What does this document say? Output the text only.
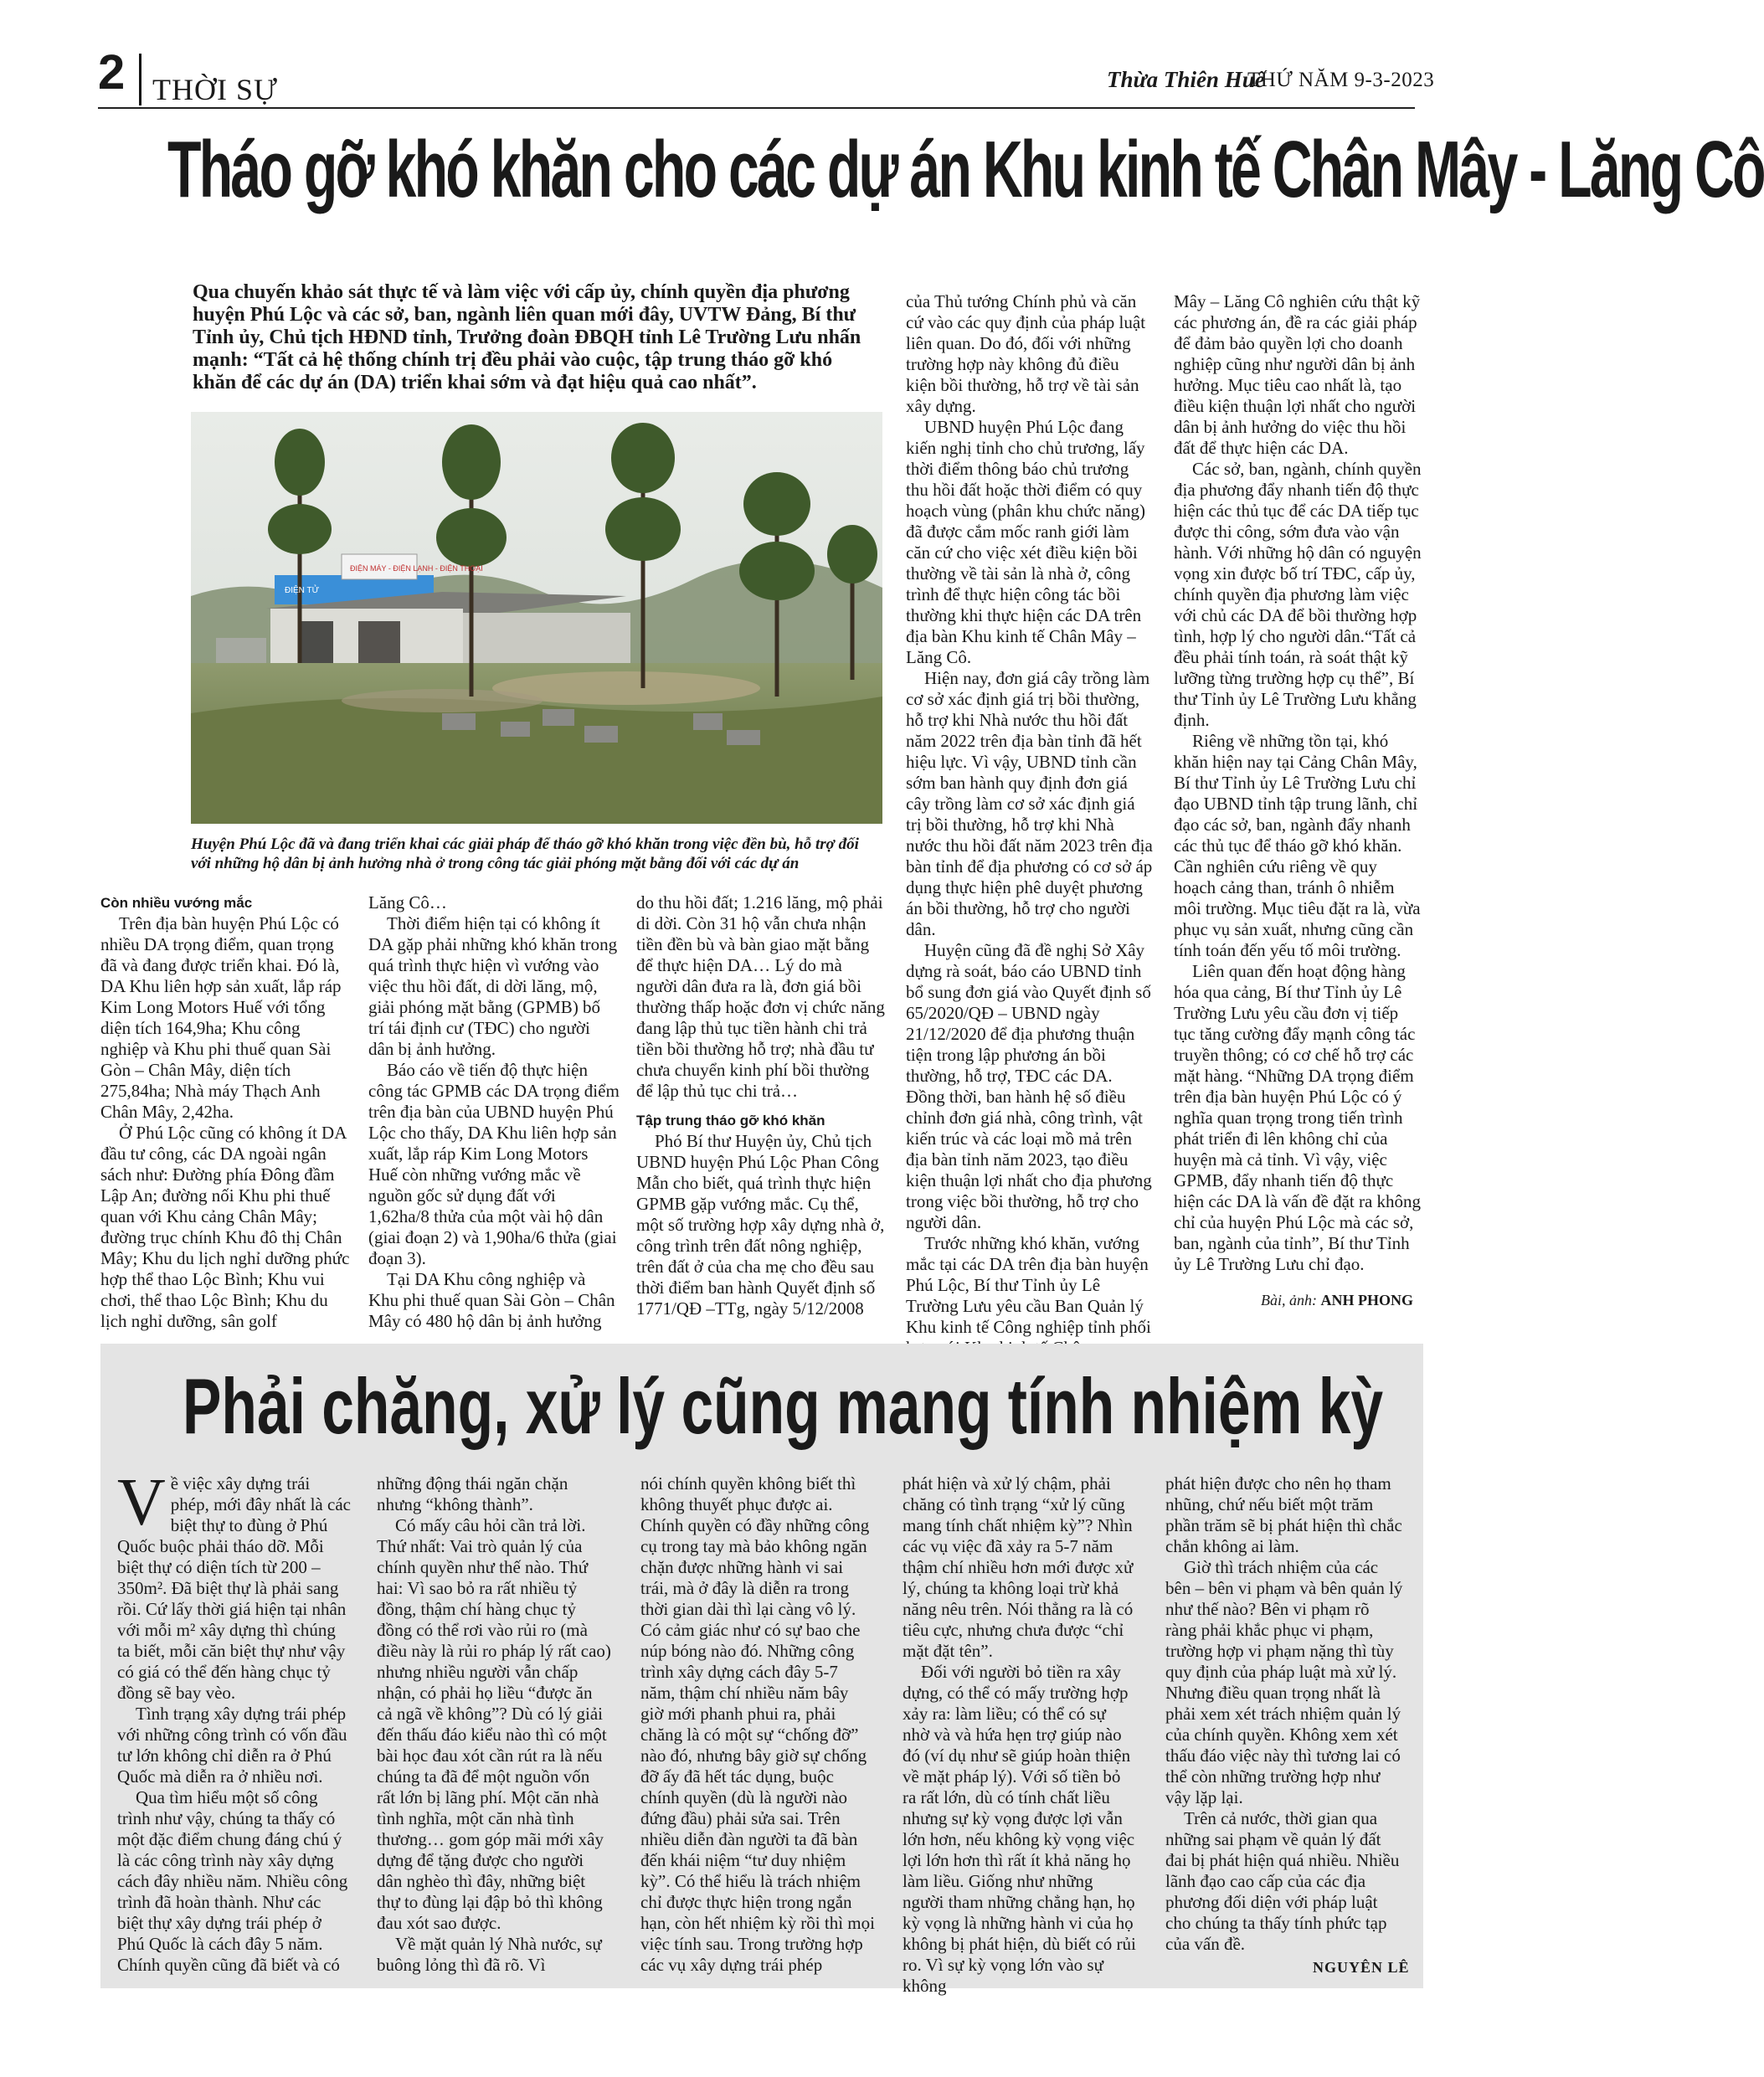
2 THỜI SỰ	Thừa Thiên Huế
THỨ NĂM 9-3-2023
Tháo gỡ khó khăn cho các dự án Khu kinh tế Chân Mây - Lăng Cô
Qua chuyến khảo sát thực tế và làm việc với cấp ủy, chính quyền địa phương huyện Phú Lộc và các sở, ban, ngành liên quan mới đây, UVTW Đảng, Bí thư Tỉnh ủy, Chủ tịch HĐND tỉnh, Trưởng đoàn ĐBQH tỉnh Lê Trường Lưu nhấn mạnh: “Tất cả hệ thống chính trị đều phải vào cuộc, tập trung tháo gỡ khó khăn để các dự án (DA) triển khai sớm và đạt hiệu quả cao nhất”.
ĐIỆN MÁY - ĐIỆN LẠNH - ĐIỆN THOẠI
ĐIỆN TỬ
Huyện Phú Lộc đã và đang triển khai các giải pháp để tháo gỡ khó khăn trong việc đền bù, hỗ trợ đối với những hộ dân bị ảnh hưởng nhà ở trong công tác giải phóng mặt bằng đối với các dự án

Còn nhiều vướng mắc

Trên địa bàn huyện Phú Lộc có nhiều DA trọng điểm, quan trọng đã và đang được triển khai. Đó là, DA Khu liên hợp sản xuất, lắp ráp Kim Long Motors Huế với tổng diện tích 164,9ha; Khu công nghiệp và Khu phi thuế quan Sài Gòn – Chân Mây, diện tích 275,84ha; Nhà máy Thạch Anh Chân Mây, 2,42ha.

Ở Phú Lộc cũng có không ít DA đầu tư công, các DA ngoài ngân sách như: Đường phía Đông đầm Lập An; đường nối Khu phi thuế quan với Khu cảng Chân Mây; đường trục chính Khu đô thị Chân Mây; Khu du lịch nghỉ dưỡng phức hợp thể thao Lộc Bình; Khu vui chơi, thể thao Lộc Bình; Khu du lịch nghỉ dưỡng, sân golf

Lăng Cô…

Thời điểm hiện tại có không ít DA gặp phải những khó khăn trong quá trình thực hiện vì vướng vào việc thu hồi đất, di dời lăng, mộ, giải phóng mặt bằng (GPMB) bố trí tái định cư (TĐC) cho người dân bị ảnh hưởng.

Báo cáo về tiến độ thực hiện công tác GPMB các DA trọng điểm trên địa bàn của UBND huyện Phú Lộc cho thấy, DA Khu liên hợp sản xuất, lắp ráp Kim Long Motors Huế còn những vướng mắc về nguồn gốc sử dụng đất với 1,62ha/8 thửa của một vài hộ dân (giai đoạn 2) và 1,90ha/6 thửa (giai đoạn 3).

Tại DA Khu công nghiệp và Khu phi thuế quan Sài Gòn – Chân Mây có 480 hộ dân bị ảnh hưởng

do thu hồi đất; 1.216 lăng, mộ phải di dời. Còn 31 hộ vẫn chưa nhận tiền đền bù và bàn giao mặt bằng để thực hiện DA… Lý do mà người dân đưa ra là, đơn giá bồi thường thấp hoặc đơn vị chức năng đang lập thủ tục tiền hành chi trả tiền bồi thường hỗ trợ; nhà đầu tư chưa chuyển kinh phí bồi thường để lập thủ tục chi trả…

Tập trung tháo gỡ khó khăn

Phó Bí thư Huyện ủy, Chủ tịch UBND huyện Phú Lộc Phan Công Mẫn cho biết, quá trình thực hiện GPMB gặp vướng mắc. Cụ thể, một số trường hợp xây dựng nhà ở, công trình trên đất nông nghiệp, trên đất ở của cha mẹ cho đều sau thời điểm ban hành Quyết định số 1771/QĐ –TTg, ngày 5/12/2008

của Thủ tướng Chính phủ và căn cứ vào các quy định của pháp luật liên quan. Do đó, đối với những trường hợp này không đủ điều kiện bồi thường, hỗ trợ về tài sản xây dựng.

UBND huyện Phú Lộc đang kiến nghị tỉnh cho chủ trương, lấy thời điểm thông báo chủ trương thu hồi đất hoặc thời điểm có quy hoạch vùng (phân khu chức năng) đã được cắm mốc ranh giới làm căn cứ cho việc xét điều kiện bồi thường về tài sản là nhà ở, công trình để thực hiện công tác bồi thường khi thực hiện các DA trên địa bàn Khu kinh tế Chân Mây – Lăng Cô.

Hiện nay, đơn giá cây trồng làm cơ sở xác định giá trị bồi thường, hỗ trợ khi Nhà nước thu hồi đất năm 2022 trên địa bàn tỉnh đã hết hiệu lực. Vì vậy, UBND tỉnh cần sớm ban hành quy định đơn giá cây trồng làm cơ sở xác định giá trị bồi thường, hỗ trợ khi Nhà nước thu hồi đất năm 2023 trên địa bàn tỉnh để địa phương có cơ sở áp dụng thực hiện phê duyệt phương án bồi thường, hỗ trợ cho người dân.

Huyện cũng đã đề nghị Sở Xây dựng rà soát, báo cáo UBND tỉnh bổ sung đơn giá vào Quyết định số 65/2020/QĐ – UBND ngày 21/12/2020 để địa phương thuận tiện trong lập phương án bồi thường, hỗ trợ, TĐC các DA. Đồng thời, ban hành hệ số điều chỉnh đơn giá nhà, công trình, vật kiến trúc và các loại mồ mả trên địa bàn tỉnh năm 2023, tạo điều kiện thuận lợi nhất cho địa phương trong việc bồi thường, hỗ trợ cho người dân.

Trước những khó khăn, vướng mắc tại các DA trên địa bàn huyện Phú Lộc, Bí thư Tỉnh ủy Lê Trường Lưu yêu cầu Ban Quản lý Khu kinh tế Công nghiệp tỉnh phối

Mây – Lăng Cô nghiên cứu thật kỹ các phương án, đề ra các giải pháp để đảm bảo quyền lợi cho doanh nghiệp cũng như người dân bị ảnh hưởng. Mục tiêu cao nhất là, tạo điều kiện thuận lợi nhất cho người dân bị ảnh hưởng do việc thu hồi đất để thực hiện các DA.

Các sở, ban, ngành, chính quyền địa phương đẩy nhanh tiến độ thực hiện các thủ tục để các DA tiếp tục được thi công, sớm đưa vào vận hành. Với những hộ dân có nguyện vọng xin được bố trí TĐC, cấp ủy, chính quyền địa phương làm việc với chủ các DA để bồi thường hợp tình, hợp lý cho người dân.“Tất cả đều phải tính toán, rà soát thật kỹ lưỡng từng trường hợp cụ thể”, Bí thư Tỉnh ủy Lê Trường Lưu khẳng định.

Riêng về những tồn tại, khó khăn hiện nay tại Cảng Chân Mây, Bí thư Tỉnh ủy Lê Trường Lưu chỉ đạo UBND tỉnh tập trung lãnh, chỉ đạo các sở, ban, ngành đẩy nhanh các thủ tục để tháo gỡ khó khăn. Cần nghiên cứu riêng về quy hoạch cảng than, tránh ô nhiễm môi trường. Mục tiêu đặt ra là, vừa phục vụ sản xuất, nhưng cũng cần tính toán đến yếu tố môi trường.

Liên quan đến hoạt động hàng hóa qua cảng, Bí thư Tỉnh ủy Lê Trường Lưu yêu cầu đơn vị tiếp tục tăng cường đẩy mạnh công tác truyền thông; có cơ chế hỗ trợ các mặt hàng. “Những DA trọng điểm trên địa bàn huyện Phú Lộc có ý nghĩa quan trọng trong tiến trình phát triển đi lên không chỉ của huyện mà cả tỉnh. Vì vậy, việc GPMB, đẩy nhanh tiến độ thực hiện các DA là vấn đề đặt ra không chỉ của huyện Phú Lộc mà các sở, ban, ngành của tỉnh”, Bí thư Tỉnh ủy Lê Trường Lưu chỉ đạo.

Bài, ảnh: ANH PHONG
Phải chăng, xử lý cũng mang tính nhiệm kỳ

Về việc xây dựng trái phép, mới đây nhất là các biệt thự to đùng ở Phú Quốc buộc phải tháo dỡ. Mỗi biệt thự có diện tích từ 200 – 350m². Đã biệt thự là phải sang rồi. Cứ lấy thời giá hiện tại nhân với mỗi m² xây dựng thì chúng ta biết, mỗi căn biệt thự như vậy có giá có thể đến hàng chục tỷ đồng sẽ bay vèo.

Tình trạng xây dựng trái phép với những công trình có vốn đầu tư lớn không chỉ diễn ra ở Phú Quốc mà diễn ra ở nhiều nơi.

Qua tìm hiểu một số công trình như vậy, chúng ta thấy có một đặc điểm chung đáng chú ý là các công trình này xây dựng cách đây nhiều năm. Nhiều công trình đã hoàn thành. Như các biệt thự xây dựng trái phép ở Phú Quốc là cách đây 5 năm. Chính quyền cũng đã biết và có

những động thái ngăn chặn nhưng “không thành”.

Có mấy câu hỏi cần trả lời. Thứ nhất: Vai trò quản lý của chính quyền như thế nào. Thứ hai: Vì sao bỏ ra rất nhiều tỷ đồng, thậm chí hàng chục tỷ đồng có thể rơi vào rủi ro (mà điều này là rủi ro pháp lý rất cao) nhưng nhiều người vẫn chấp nhận, có phải họ liều “được ăn cả ngã về không”? Dù có lý giải đến thấu đáo kiểu nào thì có một bài học đau xót cần rút ra là nếu chúng ta đã để một nguồn vốn rất lớn bị lãng phí. Một căn nhà tình nghĩa, một căn nhà tình thương… gom góp mãi mới xây dựng để tặng được cho người dân nghèo thì đây, những biệt thự to đùng lại đập bỏ thì không đau xót sao được.

Về mặt quản lý Nhà nước, sự buông lỏng thì đã rõ. Vì

nói chính quyền không biết thì không thuyết phục được ai. Chính quyền có đầy những công cụ trong tay mà bảo không ngăn chặn được những hành vi sai trái, mà ở đây là diễn ra trong thời gian dài thì lại càng vô lý. Có cảm giác như có sự bao che núp bóng nào đó. Những công trình xây dựng cách đây 5-7 năm, thậm chí nhiều năm bây giờ mới phanh phui ra, phải chăng là có một sự “chống đỡ” nào đó, nhưng bây giờ sự chống đỡ ấy đã hết tác dụng, buộc chính quyền (dù là người nào đứng đầu) phải sửa sai. Trên nhiều diễn đàn người ta đã bàn đến khái niệm “tư duy nhiệm kỳ”. Có thể hiểu là trách nhiệm chỉ được thực hiện trong ngắn hạn, còn hết nhiệm kỳ rồi thì mọi việc tính sau. Trong trường hợp các vụ xây dựng trái phép

phát hiện và xử lý chậm, phải chăng có tình trạng “xử lý cũng mang tính chất nhiệm kỳ”? Nhìn các vụ việc đã xảy ra 5-7 năm thậm chí nhiều hơn mới được xử lý, chúng ta không loại trừ khả năng nêu trên. Nói thẳng ra là có tiêu cực, nhưng chưa được “chỉ mặt đặt tên”.

Đối với người bỏ tiền ra xây dựng, có thể có mấy trường hợp xảy ra: làm liều; có thể có sự nhờ và và hứa hẹn trợ giúp nào đó (ví dụ như sẽ giúp hoàn thiện về mặt pháp lý). Với số tiền bỏ ra rất lớn, dù có tính chất liều nhưng sự kỳ vọng được lợi vẫn lớn hơn, nếu không kỳ vọng việc lợi lớn hơn thì rất ít khả năng họ làm liều. Giống như những người tham những chẳng hạn, họ kỳ vọng là những hành vi của họ không bị phát hiện, dù biết có rủi ro. Vì sự kỳ vọng lớn vào sự không

phát hiện được cho nên họ tham nhũng, chứ nếu biết một trăm phần trăm sẽ bị phát hiện thì chắc chắn không ai làm.

Giờ thì trách nhiệm của các bên – bên vi phạm và bên quản lý như thế nào? Bên vi phạm rõ ràng phải khắc phục vi phạm, trường hợp vi phạm nặng thì tùy quy định của pháp luật mà xử lý. Nhưng điều quan trọng nhất là phải xem xét trách nhiệm quản lý của chính quyền. Không xem xét thấu đáo việc này thì tương lai có thể còn những trường hợp như vậy lặp lại.

Trên cả nước, thời gian qua những sai phạm về quản lý đất đai bị phát hiện quá nhiều. Nhiều lãnh đạo cao cấp của các địa phương đối diện với pháp luật cho chúng ta thấy tính phức tạp của vấn đề.

NGUYÊN LÊ
